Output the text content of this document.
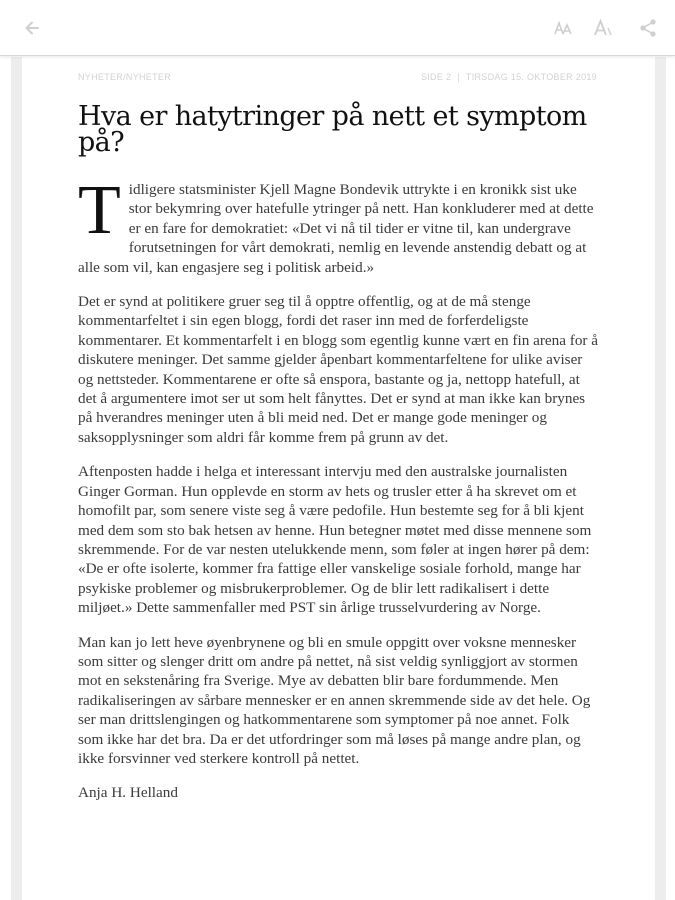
NYHETER/NYHETER	SIDE 2 | TIRSDAG 15. OKTOBER 2019
Hva er hatytringer på nett et symptom på?

Tidligere statsminister Kjell Magne Bondevik uttrykte i en kronikk sist uke stor bekymring over hatefulle ytringer på nett. Han konkluderer med at dette er en fare for demokratiet: «Det vi nå til tider er vitne til, kan undergrave forutsetningen for vårt demokrati, nemlig en levende anstendig debatt og at alle som vil, kan engasjere seg i politisk arbeid.»

Det er synd at politikere gruer seg til å opptre offentlig, og at de må stenge kommentarfeltet i sin egen blogg, fordi det raser inn med de forferdeligste kommentarer. Et kommentarfelt i en blogg som egentlig kunne vært en fin arena for å diskutere meninger. Det samme gjelder åpenbart kommentarfeltene for ulike aviser og nettsteder. Kommentarene er ofte så enspora, bastante og ja, nettopp hatefull, at det å argumentere imot ser ut som helt fånyttes. Det er synd at man ikke kan brynes på hverandres meninger uten å bli meid ned. Det er mange gode meninger og saksopplysninger som aldri får komme frem på grunn av det.

Aftenposten hadde i helga et interessant intervju med den australske journalisten Ginger Gorman. Hun opplevde en storm av hets og trusler etter å ha skrevet om et homofilt par, som senere viste seg å være pedofile. Hun bestemte seg for å bli kjent med dem som sto bak hetsen av henne. Hun betegner møtet med disse mennene som skremmende. For de var nesten utelukkende menn, som føler at ingen hører på dem: «De er ofte isolerte, kommer fra fattige eller vanskelige sosiale forhold, mange har psykiske problemer og misbrukerproblemer. Og de blir lett radikalisert i dette miljøet.» Dette sammenfaller med PST sin årlige trusselvurdering av Norge.

Man kan jo lett heve øyenbrynene og bli en smule oppgitt over voksne mennesker som sitter og slenger dritt om andre på nettet, nå sist veldig synliggjort av stormen mot en sekstenåring fra Sverige. Mye av debatten blir bare fordummende. Men radikaliseringen av sårbare mennesker er en annen skremmende side av det hele. Og ser man drittslengingen og hatkommentarene som symptomer på noe annet. Folk som ikke har det bra. Da er det utfordringer som må løses på mange andre plan, og ikke forsvinner ved sterkere kontroll på nettet.

Anja H. Helland
